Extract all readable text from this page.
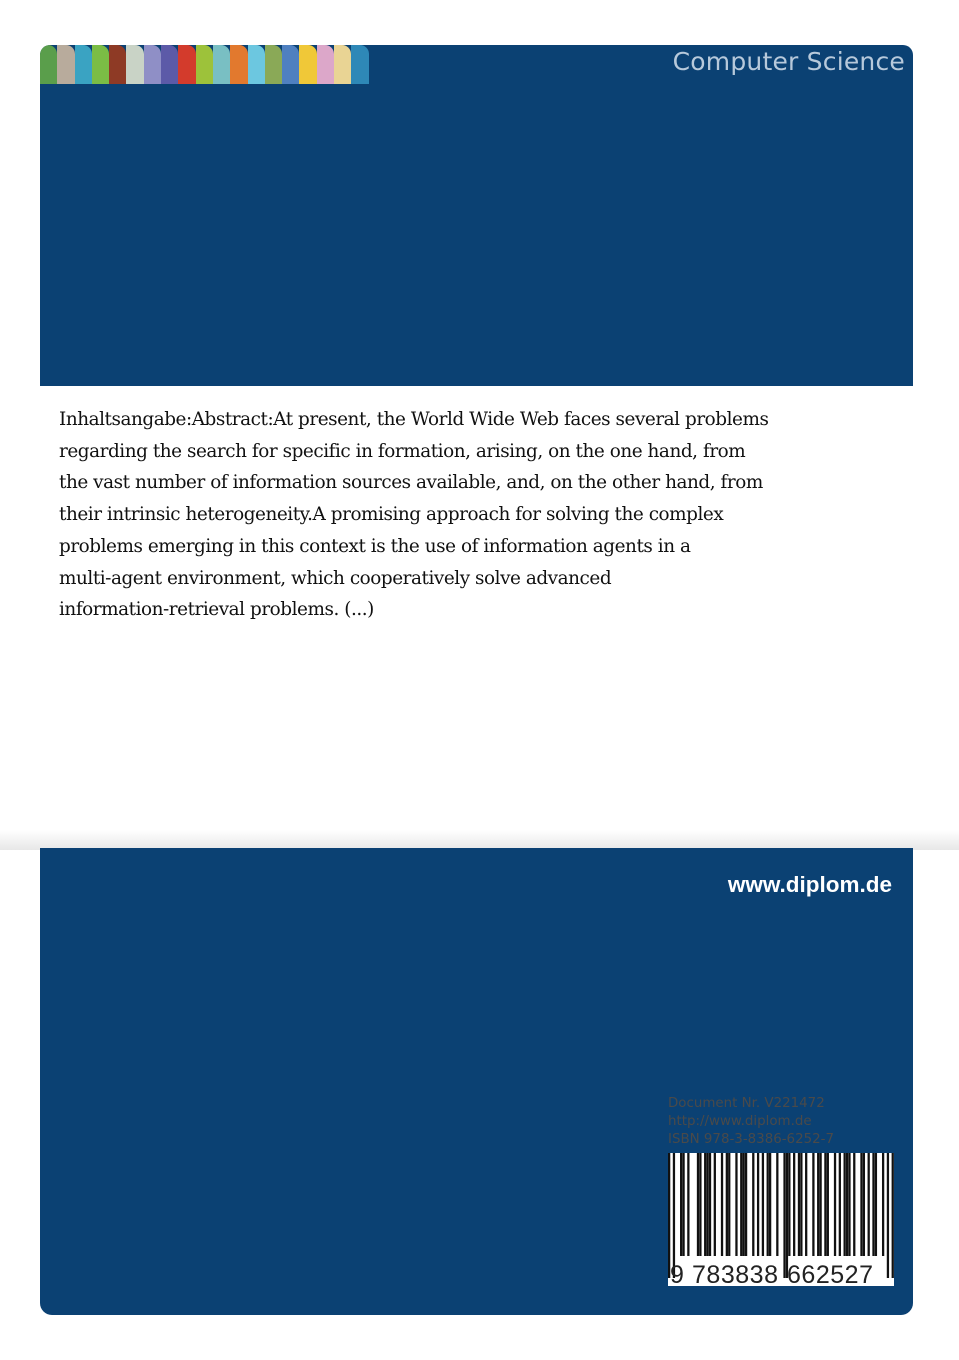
Computer Science

Inhaltsangabe:Abstract:At present, the World Wide Web faces several problems
regarding the search for specific in formation, arising, on the one hand, from
the vast number of information sources available, and, on the other hand, from
their intrinsic heterogeneity.A promising approach for solving the complex
problems emerging in this context is the use of information agents in a
multi-agent environment, which cooperatively solve advanced
information-retrieval problems. (...)

www.diplom.de
Document Nr. V221472
http://www.diplom.de
ISBN 978-3-8386-6252-7
9 783838 662527
